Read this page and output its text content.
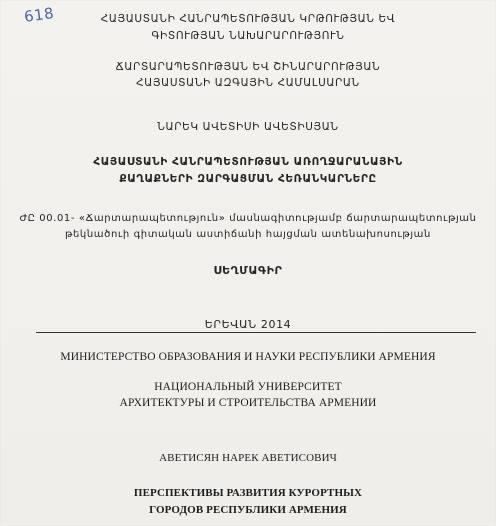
618	ՀԱՅԱՍՏԱՆԻ ՀԱՆՐԱՊԵՏՈՒԹՅԱՆ ԿՐԹՈՒԹՅԱՆ ԵՎ
ԳԻՏՈՒԹՅԱՆ ՆԱԽԱՐԱՐՈՒԹՅՈՒՆ
ՃԱՐՏԱՐԱՊԵՏՈՒԹՅԱՆ ԵՎ ՇԻՆԱՐԱՐՈՒԹՅԱՆ
ՀԱՅԱՍՏԱՆԻ ԱԶԳԱՅԻՆ ՀԱՄԱԼՍԱՐԱՆ
ՆԱՐԵԿ ԱՎԵՏԻՍԻ ԱՎԵՏԻՍՅԱՆ
ՀԱՅԱՍՏԱՆԻ ՀԱՆՐԱՊԵՏՈՒԹՅԱՆ ԱՌՈՂՋԱՐԱՆԱՅԻՆ
ՔԱՂԱՔՆԵՐԻ ԶԱՐԳԱՑՄԱՆ ՀԵՌԱՆԿԱՐՆԵՐԸ
ԺԸ 00.01- «Ճարտարապետություն» մասնագիտությամբ ճարտարապետության
թեկնածուի գիտական աստիճանի հայցման ատենախոսության
ՍԵՂՄԱԳԻՐ
ԵՐԵՎԱՆ 2014
МИНИСТЕРСТВО ОБРАЗОВАНИЯ И НАУКИ РЕСПУБЛИКИ АРМЕНИЯ
НАЦИОНАЛЬНЫЙ УНИВЕРСИТЕТ
АРХИТЕКТУРЫ И СТРОИТЕЛЬСТВА АРМЕНИИ
АВЕТИСЯН НАРЕК АВЕТИСОВИЧ
ПЕРСПЕКТИВЫ РАЗВИТИЯ КУРОРТНЫХ
ГОРОДОВ РЕСПУБЛИКИ АРМЕНИЯ
